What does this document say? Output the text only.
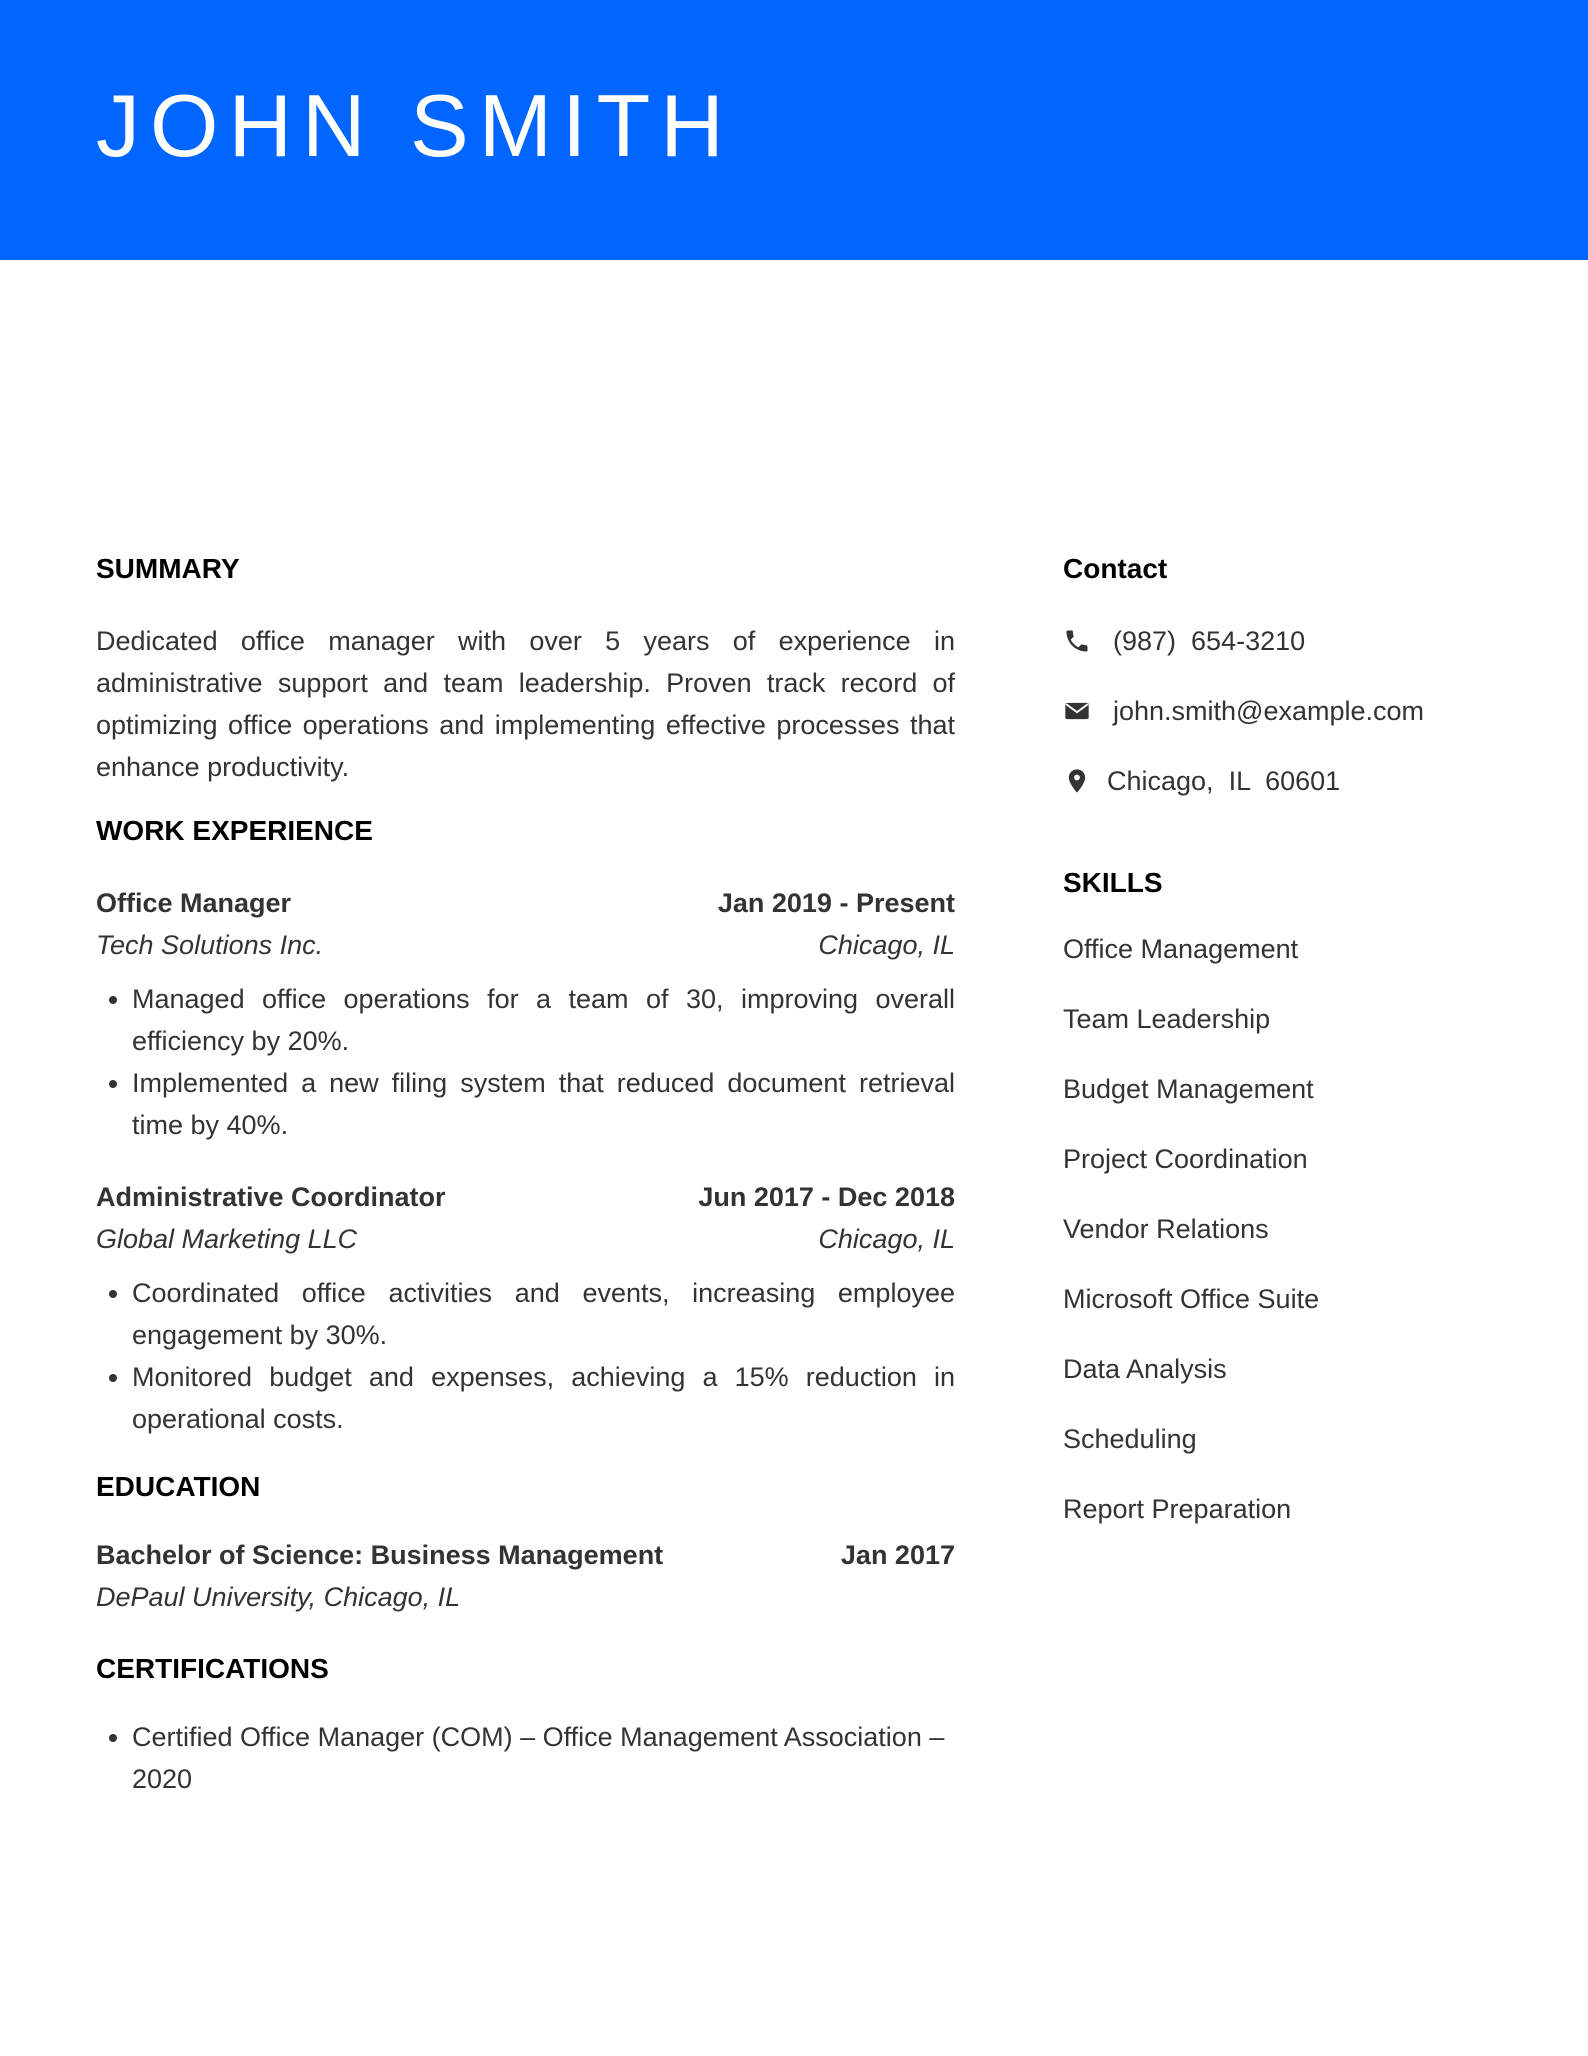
JOHN SMITH
SUMMARY

Dedicated office manager with over 5 years of experience in administrative support and team leadership. Proven track record of optimizing office operations and implementing effective processes that enhance productivity.

WORK EXPERIENCE
Office Manager	Jan 2019 - Present
Tech Solutions Inc.	Chicago, IL
• Managed office operations for a team of 30, improving overall efficiency by 20%.
• Implemented a new filing system that reduced document retrieval time by 40%.
Administrative Coordinator	Jun 2017 - Dec 2018
Global Marketing LLC	Chicago, IL
• Coordinated office activities and events, increasing employee engagement by 30%.
• Monitored budget and expenses, achieving a 15% reduction in operational costs.
EDUCATION
Bachelor of Science: Business Management	Jan 2017
DePaul University, Chicago, IL
CERTIFICATIONS
• Certified Office Manager (COM) – Office Management Association – 2020
Contact
(987)  654-3210
john.smith@example.com
Chicago,  IL  60601
SKILLS

Office Management

Team Leadership

Budget Management

Project Coordination

Vendor Relations

Microsoft Office Suite

Data Analysis

Scheduling

Report Preparation
